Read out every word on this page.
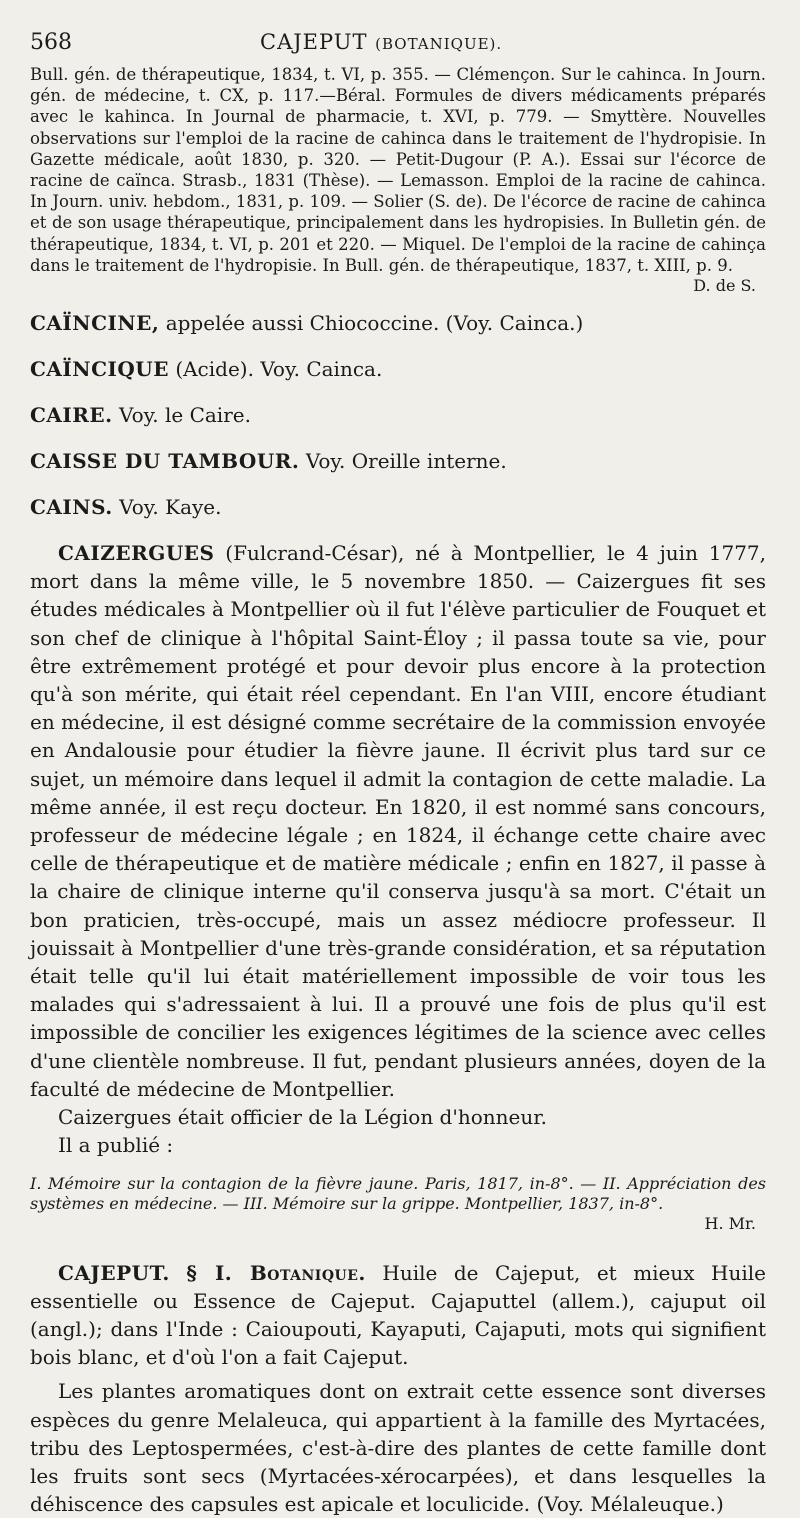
568	CAJEPUT (BOTANIQUE).

Bull. gén. de thérapeutique, 1834, t. VI, p. 355. — Clémençon. Sur le cahinca. In Journ. gén. de médecine, t. CX, p. 117.—Béral. Formules de divers médicaments préparés avec le kahinca. In Journal de pharmacie, t. XVI, p. 779. — Smyttère. Nouvelles observations sur l'emploi de la racine de cahinca dans le traitement de l'hydropisie. In Gazette médicale, août 1830, p. 320. — Petit-Dugour (P. A.). Essai sur l'écorce de racine de caïnca. Strasb., 1831 (Thèse). — Lemasson. Emploi de la racine de cahinca. In Journ. univ. hebdom., 1831, p. 109. — Solier (S. de). De l'écorce de racine de cahinca et de son usage thérapeutique, principalement dans les hydropisies. In Bulletin gén. de thérapeutique, 1834, t. VI, p. 201 et 220. — Miquel. De l'emploi de la racine de cahinça dans le traitement de l'hydropisie. In Bull. gén. de thérapeutique, 1837, t. XIII, p. 9.

D. de S.

CAÏNCINE, appelée aussi Chiococcine. (Voy. Cainca.)

CAÏNCIQUE (Acide). Voy. Cainca.

CAIRE. Voy. le Caire.

CAISSE DU TAMBOUR. Voy. Oreille interne.

CAINS. Voy. Kaye.

CAIZERGUES (Fulcrand-César), né à Montpellier, le 4 juin 1777, mort dans la même ville, le 5 novembre 1850. — Caizergues fit ses études médicales à Montpellier où il fut l'élève particulier de Fouquet et son chef de clinique à l'hôpital Saint-Éloy ; il passa toute sa vie, pour être extrêmement protégé et pour devoir plus encore à la protection qu'à son mérite, qui était réel cependant. En l'an VIII, encore étudiant en médecine, il est désigné comme secrétaire de la commission envoyée en Andalousie pour étudier la fièvre jaune. Il écrivit plus tard sur ce sujet, un mémoire dans lequel il admit la contagion de cette maladie. La même année, il est reçu docteur. En 1820, il est nommé sans concours, professeur de médecine légale ; en 1824, il échange cette chaire avec celle de thérapeutique et de matière médicale ; enfin en 1827, il passe à la chaire de clinique interne qu'il conserva jusqu'à sa mort. C'était un bon praticien, très-occupé, mais un assez médiocre professeur. Il jouissait à Montpellier d'une très-grande considération, et sa réputation était telle qu'il lui était matériellement impossible de voir tous les malades qui s'adressaient à lui. Il a prouvé une fois de plus qu'il est impossible de concilier les exigences légitimes de la science avec celles d'une clientèle nombreuse. Il fut, pendant plusieurs années, doyen de la faculté de médecine de Montpellier.

Caizergues était officier de la Légion d'honneur.

Il a publié :

I. Mémoire sur la contagion de la fièvre jaune. Paris, 1817, in-8°. — II. Appréciation des systèmes en médecine. — III. Mémoire sur la grippe. Montpellier, 1837, in-8°.

H. Mr.

CAJEPUT. § I. Botanique. Huile de Cajeput, et mieux Huile essentielle ou Essence de Cajeput. Cajaputtel (allem.), cajuput oil (angl.); dans l'Inde : Caioupouti, Kayaputi, Cajaputi, mots qui signifient bois blanc, et d'où l'on a fait Cajeput.

Les plantes aromatiques dont on extrait cette essence sont diverses espèces du genre Melaleuca, qui appartient à la famille des Myrtacées, tribu des Leptospermées, c'est-à-dire des plantes de cette famille dont les fruits sont secs (Myrtacées-xérocarpées), et dans lesquelles la déhiscence des capsules est apicale et loculicide. (Voy. Mélaleuque.)
